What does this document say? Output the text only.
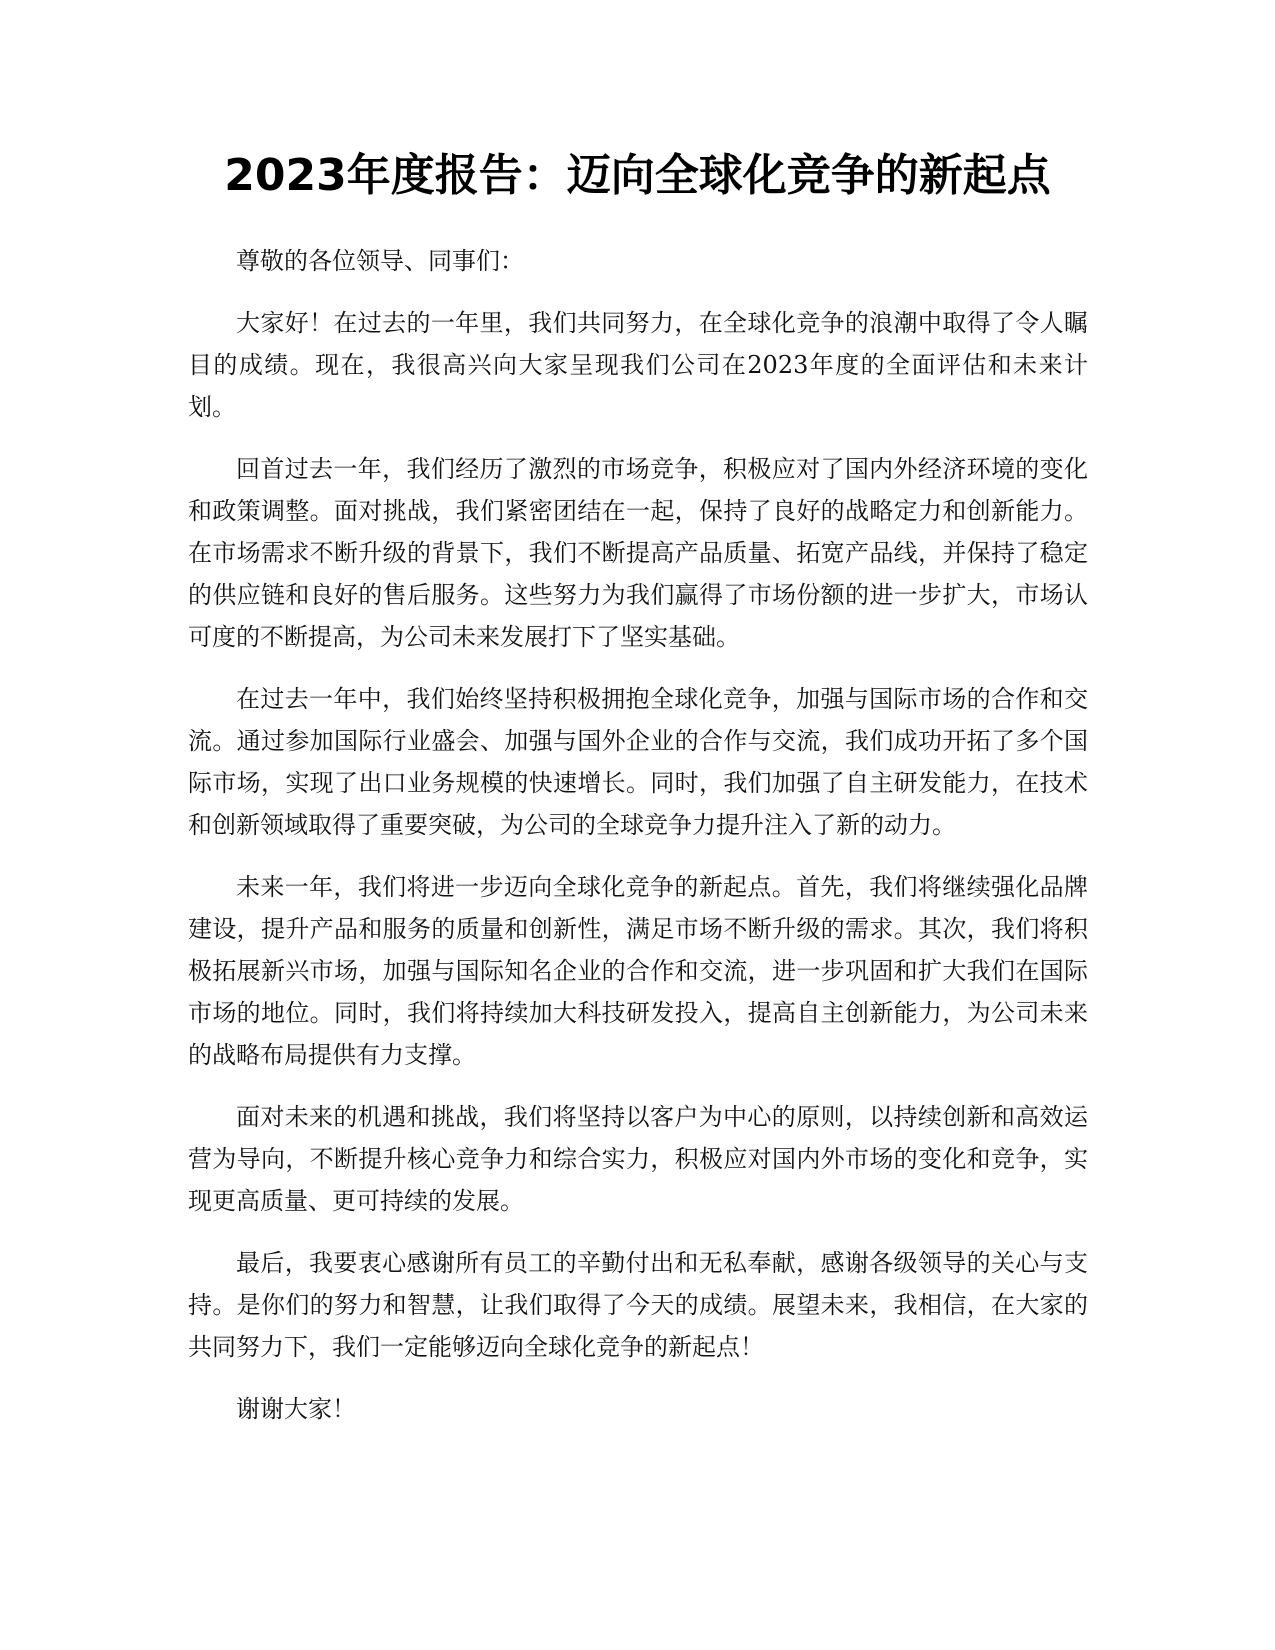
2023年度报告：迈向全球化竞争的新起点

尊敬的各位领导、同事们：

大家好！在过去的一年里，我们共同努力，在全球化竞争的浪潮中取得了令人瞩目的成绩。现在，我很高兴向大家呈现我们公司在2023年度的全面评估和未来计划。

回首过去一年，我们经历了激烈的市场竞争，积极应对了国内外经济环境的变化和政策调整。面对挑战，我们紧密团结在一起，保持了良好的战略定力和创新能力。在市场需求不断升级的背景下，我们不断提高产品质量、拓宽产品线，并保持了稳定的供应链和良好的售后服务。这些努力为我们赢得了市场份额的进一步扩大，市场认可度的不断提高，为公司未来发展打下了坚实基础。

在过去一年中，我们始终坚持积极拥抱全球化竞争，加强与国际市场的合作和交流。通过参加国际行业盛会、加强与国外企业的合作与交流，我们成功开拓了多个国际市场，实现了出口业务规模的快速增长。同时，我们加强了自主研发能力，在技术和创新领域取得了重要突破，为公司的全球竞争力提升注入了新的动力。

未来一年，我们将进一步迈向全球化竞争的新起点。首先，我们将继续强化品牌建设，提升产品和服务的质量和创新性，满足市场不断升级的需求。其次，我们将积极拓展新兴市场，加强与国际知名企业的合作和交流，进一步巩固和扩大我们在国际市场的地位。同时，我们将持续加大科技研发投入，提高自主创新能力，为公司未来的战略布局提供有力支撑。

面对未来的机遇和挑战，我们将坚持以客户为中心的原则，以持续创新和高效运营为导向，不断提升核心竞争力和综合实力，积极应对国内外市场的变化和竞争，实现更高质量、更可持续的发展。

最后，我要衷心感谢所有员工的辛勤付出和无私奉献，感谢各级领导的关心与支持。是你们的努力和智慧，让我们取得了今天的成绩。展望未来，我相信，在大家的共同努力下，我们一定能够迈向全球化竞争的新起点！

谢谢大家！
